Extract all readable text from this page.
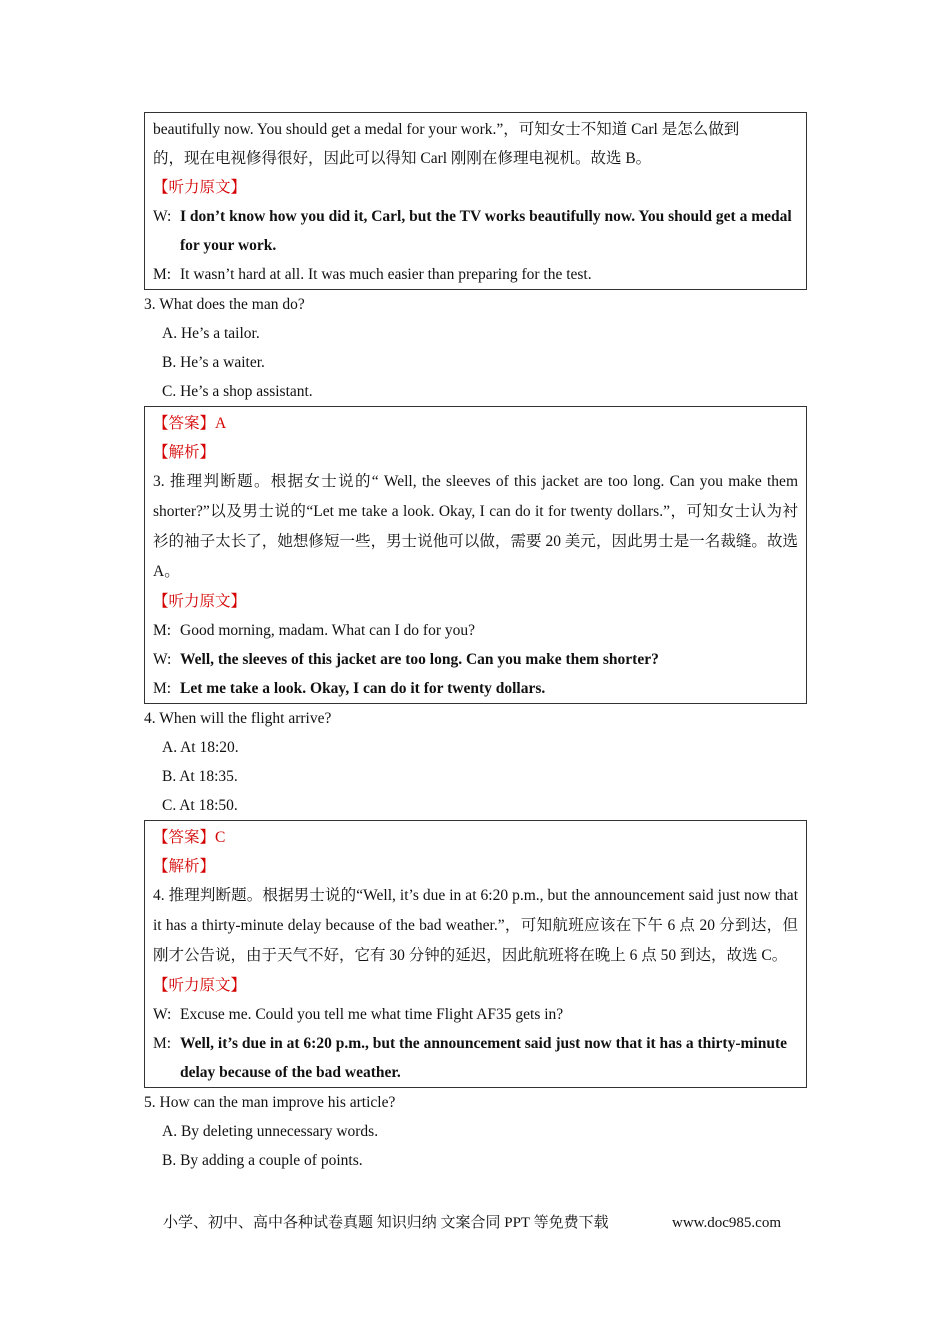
beautifully now. You should get a medal for your work.”，可知女士不知道 Carl 是怎么做到
的，现在电视修得很好，因此可以得知 Carl 刚刚在修理电视机。故选 B。
【听力原文】
W: I don’t know how you did it, Carl, but the TV works beautifully now. You should get a medal for your work.
M: It wasn’t hard at all. It was much easier than preparing for the test.
3. What does the man do?
A. He’s a tailor.
B. He’s a waiter.
C. He’s a shop assistant.
【答案】A
【解析】
3. 推理判断题。根据女士说的“ Well, the sleeves of this jacket are too long. Can you make them shorter?”以及男士说的“Let me take a look. Okay, I can do it for twenty dollars.”，可知女士认为衬衫的袖子太长了，她想修短一些，男士说他可以做，需要 20 美元，因此男士是一名裁缝。故选 A。
【听力原文】
M: Good morning, madam. What can I do for you?
W: Well, the sleeves of this jacket are too long. Can you make them shorter?
M: Let me take a look. Okay, I can do it for twenty dollars.
4. When will the flight arrive?
A. At 18:20.
B. At 18:35.
C. At 18:50.
【答案】C
【解析】
4. 推理判断题。根据男士说的“Well, it’s due in at 6:20 p.m., but the announcement said just now that it has a thirty-minute delay because of the bad weather.”，可知航班应该在下午 6 点 20 分到达，但刚才公告说，由于天气不好，它有 30 分钟的延迟，因此航班将在晚上 6 点 50 到达，故选 C。
【听力原文】
W: Excuse me. Could you tell me what time Flight AF35 gets in?
M: Well, it’s due in at 6:20 p.m., but the announcement said just now that it has a thirty-minute delay because of the bad weather.
5. How can the man improve his article?
A. By deleting unnecessary words.
B. By adding a couple of points.
小学、初中、高中各种试卷真题 知识归纳 文案合同 PPT 等免费下载	www.doc985.com
